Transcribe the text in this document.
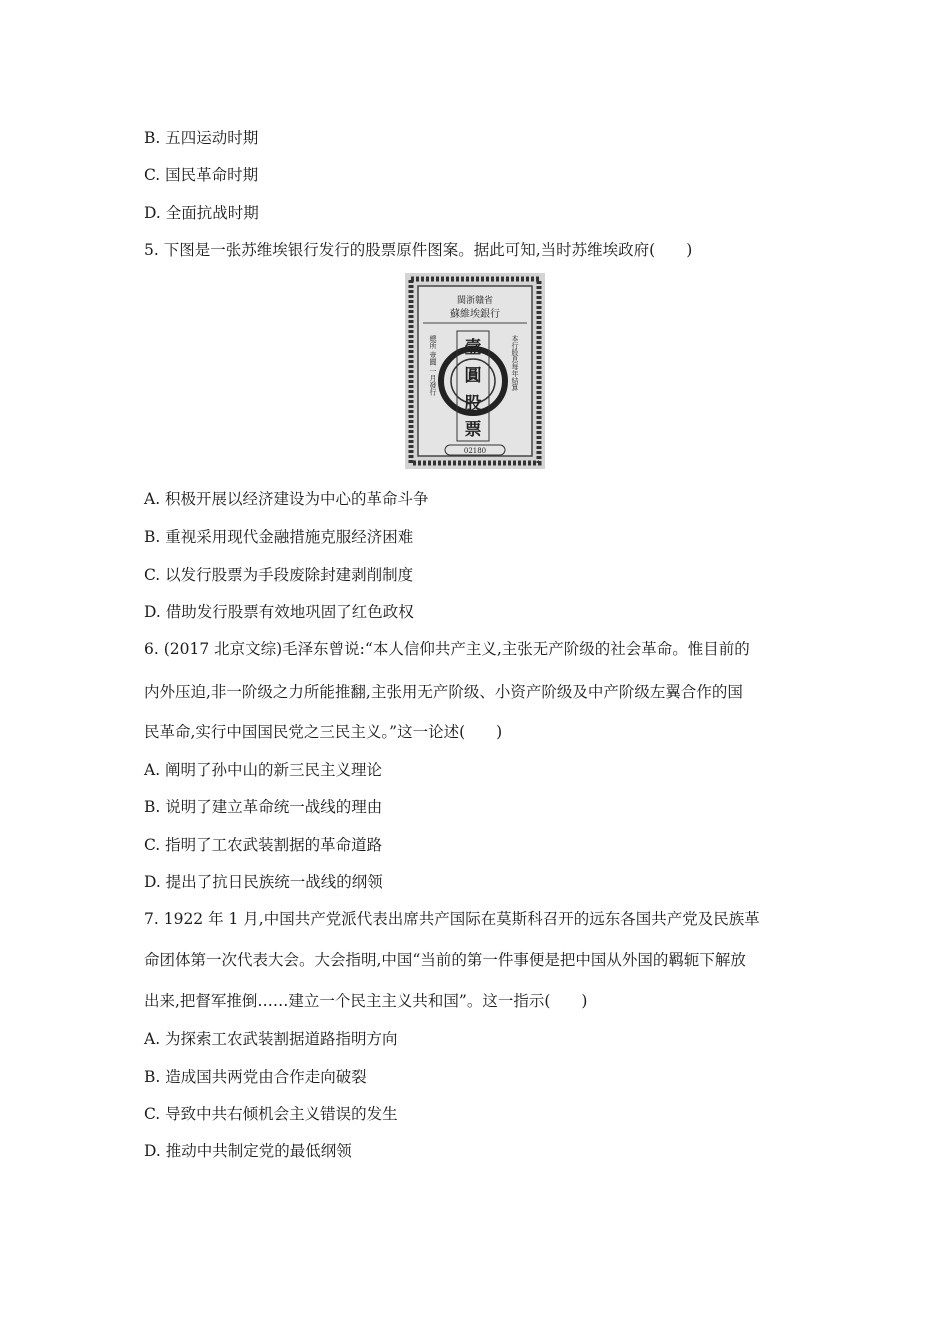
B. 五四运动时期
C. 国民革命时期
D. 全面抗战时期
5. 下图是一张苏维埃银行发行的股票原件图案。据此可知,当时苏维埃政府(　　)
閩浙贛省
蘇維埃銀行
總所 壹圓 一月發行	本行股息每年結算
壹
圓
股
票
02180
A. 积极开展以经济建设为中心的革命斗争
B. 重视采用现代金融措施克服经济困难
C. 以发行股票为手段废除封建剥削制度
D. 借助发行股票有效地巩固了红色政权
6. (2017 北京文综)毛泽东曾说:“本人信仰共产主义,主张无产阶级的社会革命。惟目前的
内外压迫,非一阶级之力所能推翻,主张用无产阶级、小资产阶级及中产阶级左翼合作的国
民革命,实行中国国民党之三民主义。”这一论述(　　)
A. 阐明了孙中山的新三民主义理论
B. 说明了建立革命统一战线的理由
C. 指明了工农武装割据的革命道路
D. 提出了抗日民族统一战线的纲领
7. 1922 年 1 月,中国共产党派代表出席共产国际在莫斯科召开的远东各国共产党及民族革
命团体第一次代表大会。大会指明,中国“当前的第一件事便是把中国从外国的羁轭下解放
出来,把督军推倒……建立一个民主主义共和国”。这一指示(　　)
A. 为探索工农武装割据道路指明方向
B. 造成国共两党由合作走向破裂
C. 导致中共右倾机会主义错误的发生
D. 推动中共制定党的最低纲领
